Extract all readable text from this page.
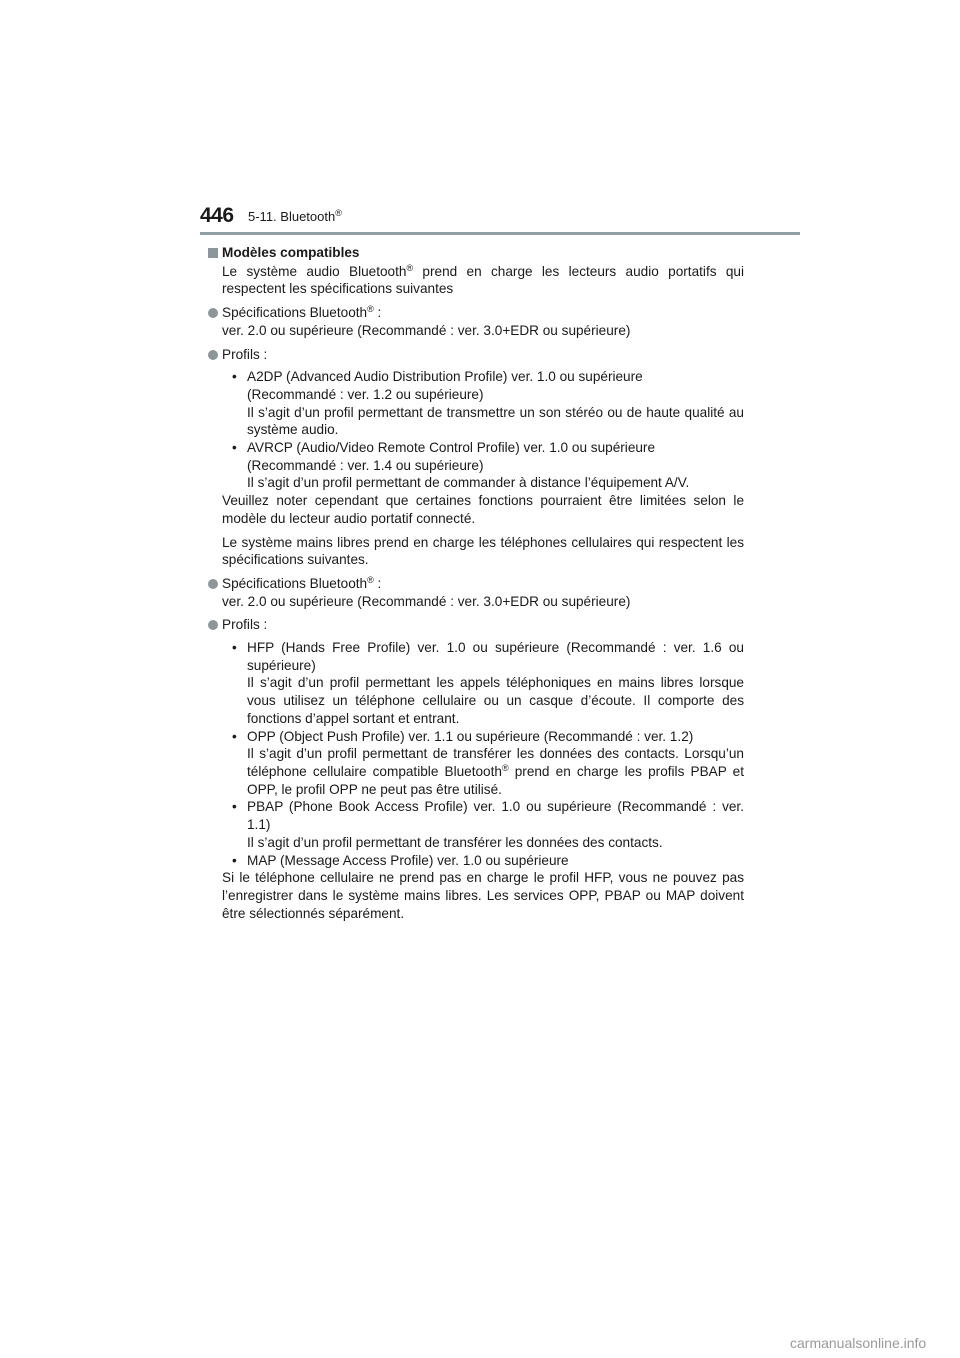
446 5-11. Bluetooth®
Modèles compatibles

Le système audio Bluetooth® prend en charge les lecteurs audio portatifs qui respectent les spécifications suivantes

Spécifications Bluetooth® :
ver. 2.0 ou supérieure (Recommandé : ver. 3.0+EDR ou supérieure)
Profils :
• A2DP (Advanced Audio Distribution Profile) ver. 1.0 ou supérieure
(Recommandé : ver. 1.2 ou supérieure)
Il s’agit d’un profil permettant de transmettre un son stéréo ou de haute qualité au système audio.
• AVRCP (Audio/Video Remote Control Profile) ver. 1.0 ou supérieure
(Recommandé : ver. 1.4 ou supérieure)
Il s’agit d’un profil permettant de commander à distance l’équipement A/V.

Veuillez noter cependant que certaines fonctions pourraient être limitées selon le modèle du lecteur audio portatif connecté.

Le système mains libres prend en charge les téléphones cellulaires qui respectent les spécifications suivantes.

Spécifications Bluetooth® :
ver. 2.0 ou supérieure (Recommandé : ver. 3.0+EDR ou supérieure)
Profils :
• HFP (Hands Free Profile) ver. 1.0 ou supérieure (Recommandé : ver. 1.6 ou supérieure)
Il s’agit d’un profil permettant les appels téléphoniques en mains libres lorsque vous utilisez un téléphone cellulaire ou un casque d’écoute. Il comporte des fonctions d’appel sortant et entrant.
• OPP (Object Push Profile) ver. 1.1 ou supérieure (Recommandé : ver. 1.2)
Il s’agit d’un profil permettant de transférer les données des contacts. Lorsqu’un téléphone cellulaire compatible Bluetooth® prend en charge les profils PBAP et OPP, le profil OPP ne peut pas être utilisé.
• PBAP (Phone Book Access Profile) ver. 1.0 ou supérieure (Recommandé : ver. 1.1)
Il s’agit d’un profil permettant de transférer les données des contacts.
• MAP (Message Access Profile) ver. 1.0 ou supérieure

Si le téléphone cellulaire ne prend pas en charge le profil HFP, vous ne pouvez pas l’enregistrer dans le système mains libres. Les services OPP, PBAP ou MAP doivent être sélectionnés séparément.

carmanualsonline.info
